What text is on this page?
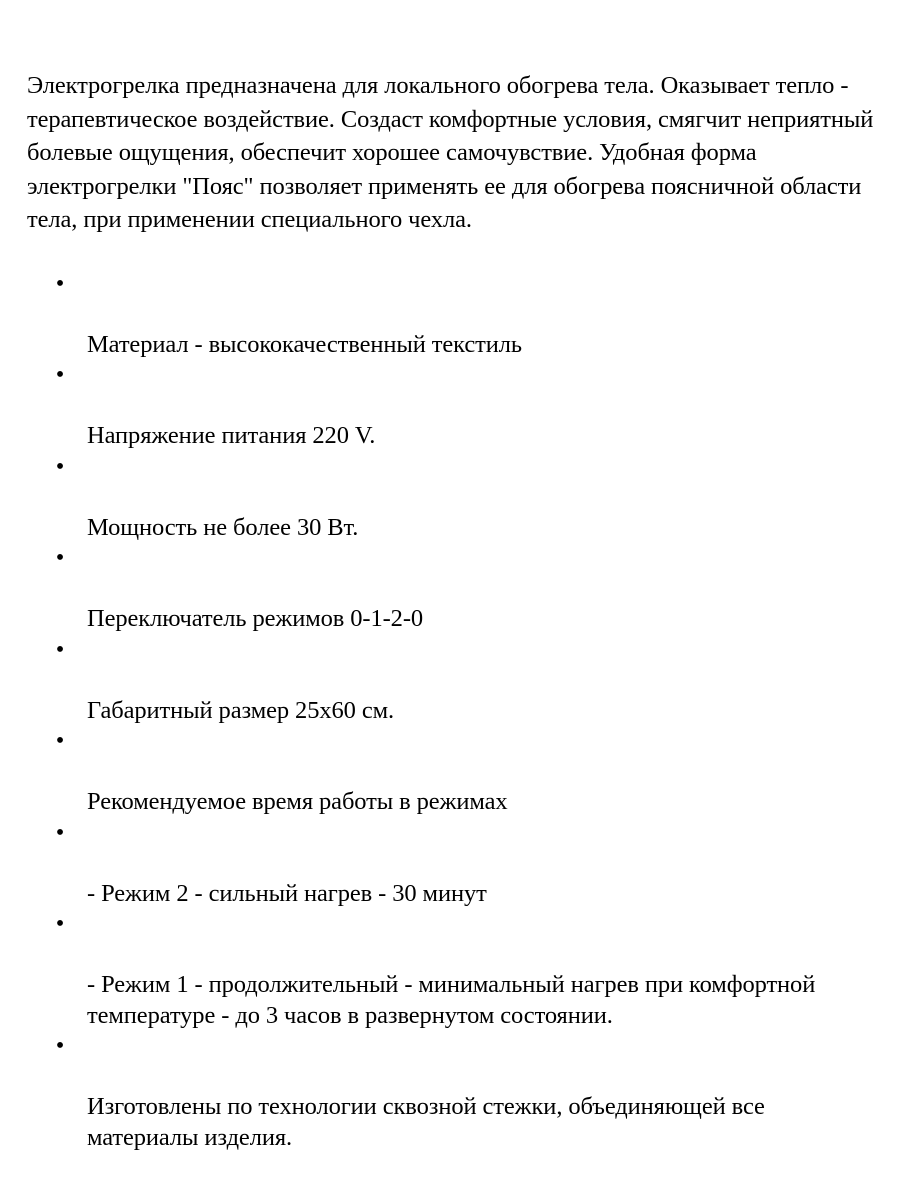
Электрогрелка предназначена для локального обогрева тела. Оказывает тепло -
терапевтическое воздействие. Создаст комфортные условия, смягчит неприятный
болевые ощущения, обеспечит хорошее самочувствие. Удобная форма
электрогрелки "Пояс" позволяет применять ее для обогрева поясничной области
тела, при применении специального чехла.

•

Материал - высококачественный текстиль

•

Напряжение питания 220 V.

•

Мощность не более 30 Вт.

•

Переключатель режимов 0-1-2-0

•

Габаритный размер 25х60 см.

•

Рекомендуемое время работы в режимах

•

- Режим 2 - сильный нагрев - 30 минут

•

- Режим 1 - продолжительный - минимальный нагрев при комфортной
температуре - до 3 часов в развернутом состоянии.

•

Изготовлены по технологии сквозной стежки, объединяющей все
материалы изделия.
